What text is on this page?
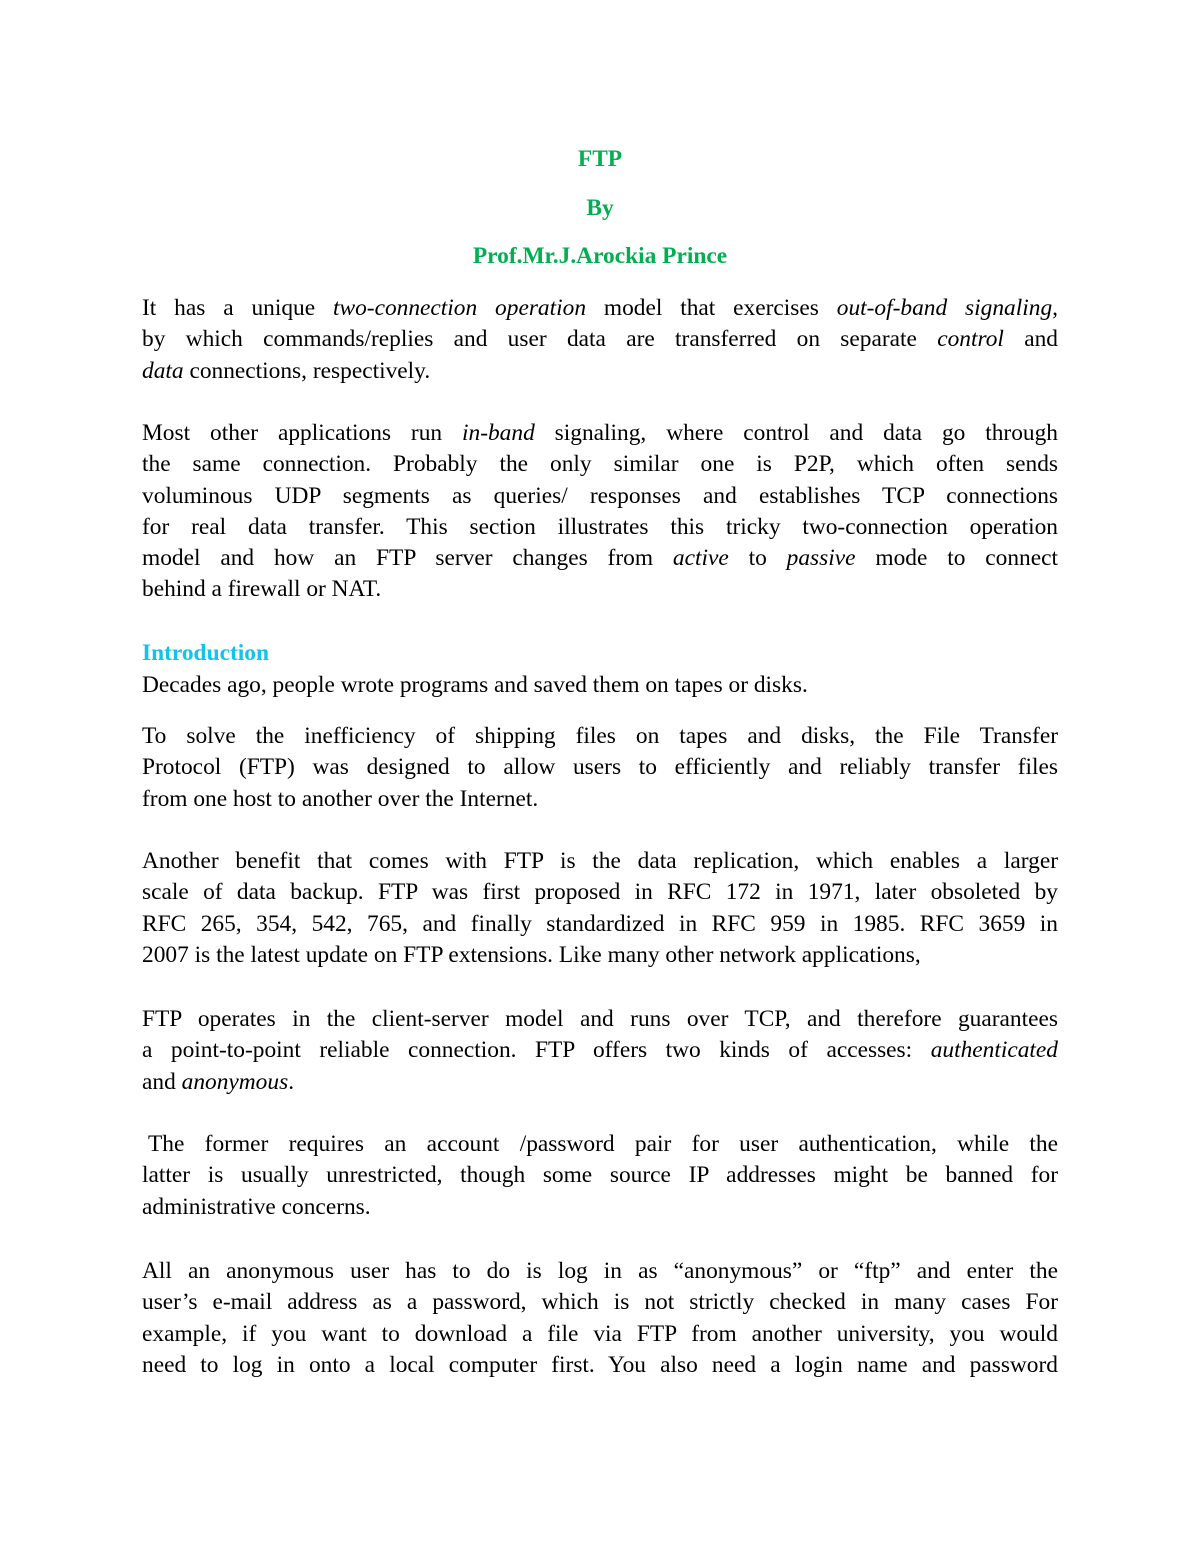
FTP
By
Prof.Mr.J.Arockia Prince
It has a unique two-connection operation model that exercises out-of-band signaling,
by which commands/replies and user data are transferred on separate control and
data connections, respectively.
Most other applications run in-band signaling, where control and data go through
the same connection. Probably the only similar one is P2P, which often sends
voluminous UDP segments as queries/ responses and establishes TCP connections
for real data transfer. This section illustrates this tricky two-connection operation
model and how an FTP server changes from active to passive mode to connect
behind a firewall or NAT.
Introduction
Decades ago, people wrote programs and saved them on tapes or disks.
To solve the inefficiency of shipping files on tapes and disks, the File Transfer
Protocol (FTP) was designed to allow users to efficiently and reliably transfer files
from one host to another over the Internet.
Another benefit that comes with FTP is the data replication, which enables a larger
scale of data backup. FTP was first proposed in RFC 172 in 1971, later obsoleted by
RFC 265, 354, 542, 765, and finally standardized in RFC 959 in 1985. RFC 3659 in
2007 is the latest update on FTP extensions. Like many other network applications,
FTP operates in the client-server model and runs over TCP, and therefore guarantees
a point-to-point reliable connection. FTP offers two kinds of accesses: authenticated
and anonymous.
The former requires an account /password pair for user authentication, while the
latter is usually unrestricted, though some source IP addresses might be banned for
administrative concerns.
All an anonymous user has to do is log in as “anonymous” or “ftp” and enter the
user’s e-mail address as a password, which is not strictly checked in many cases For
example, if you want to download a file via FTP from another university, you would
need to log in onto a local computer first. You also need a login name and password
